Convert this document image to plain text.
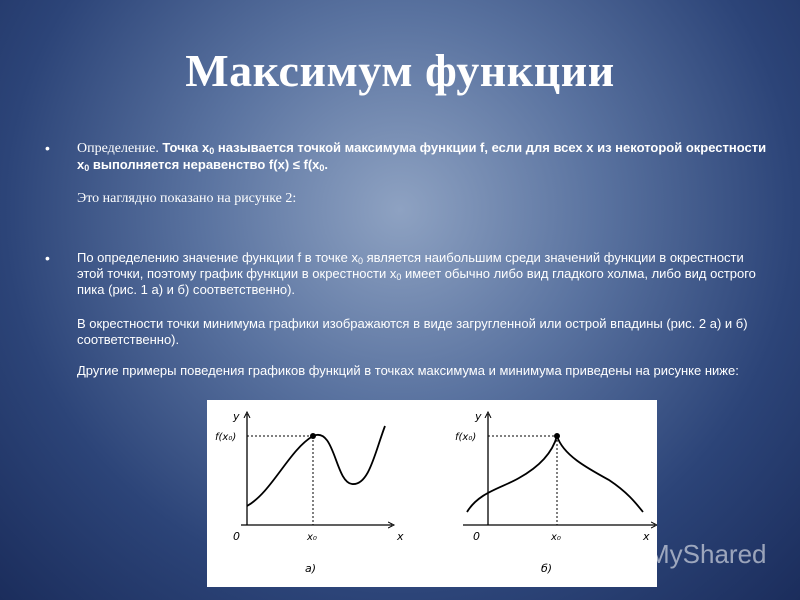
Максимум функции
• Определение. Точка $x_0$ называется точкой максимума функции f, если для всех x из некоторой окрестности $x_0$ выполняется неравенство $f(x) \le f(x_0$.
Это наглядно показано на рисунке 2:
• По определению значение функции f в точке $x_0$ является наибольшим среди значений функции в окрестности этой точки, поэтому график функции в окрестности $x_0$ имеет обычно либо вид гладкого холма, либо вид острого пика (рис. 1 а) и б) соответственно).
В окрестности точки минимума графики изображаются в виде загругленной или острой впадины (рис. 2 а) и б) соответственно).
Другие примеры поведения графиков функций в точках максимума и минимума приведены на рисунке ниже:
y
x
0
f(x₀)
x₀
а)
y
x
0
f(x₀)
x₀
б)	MyShared
